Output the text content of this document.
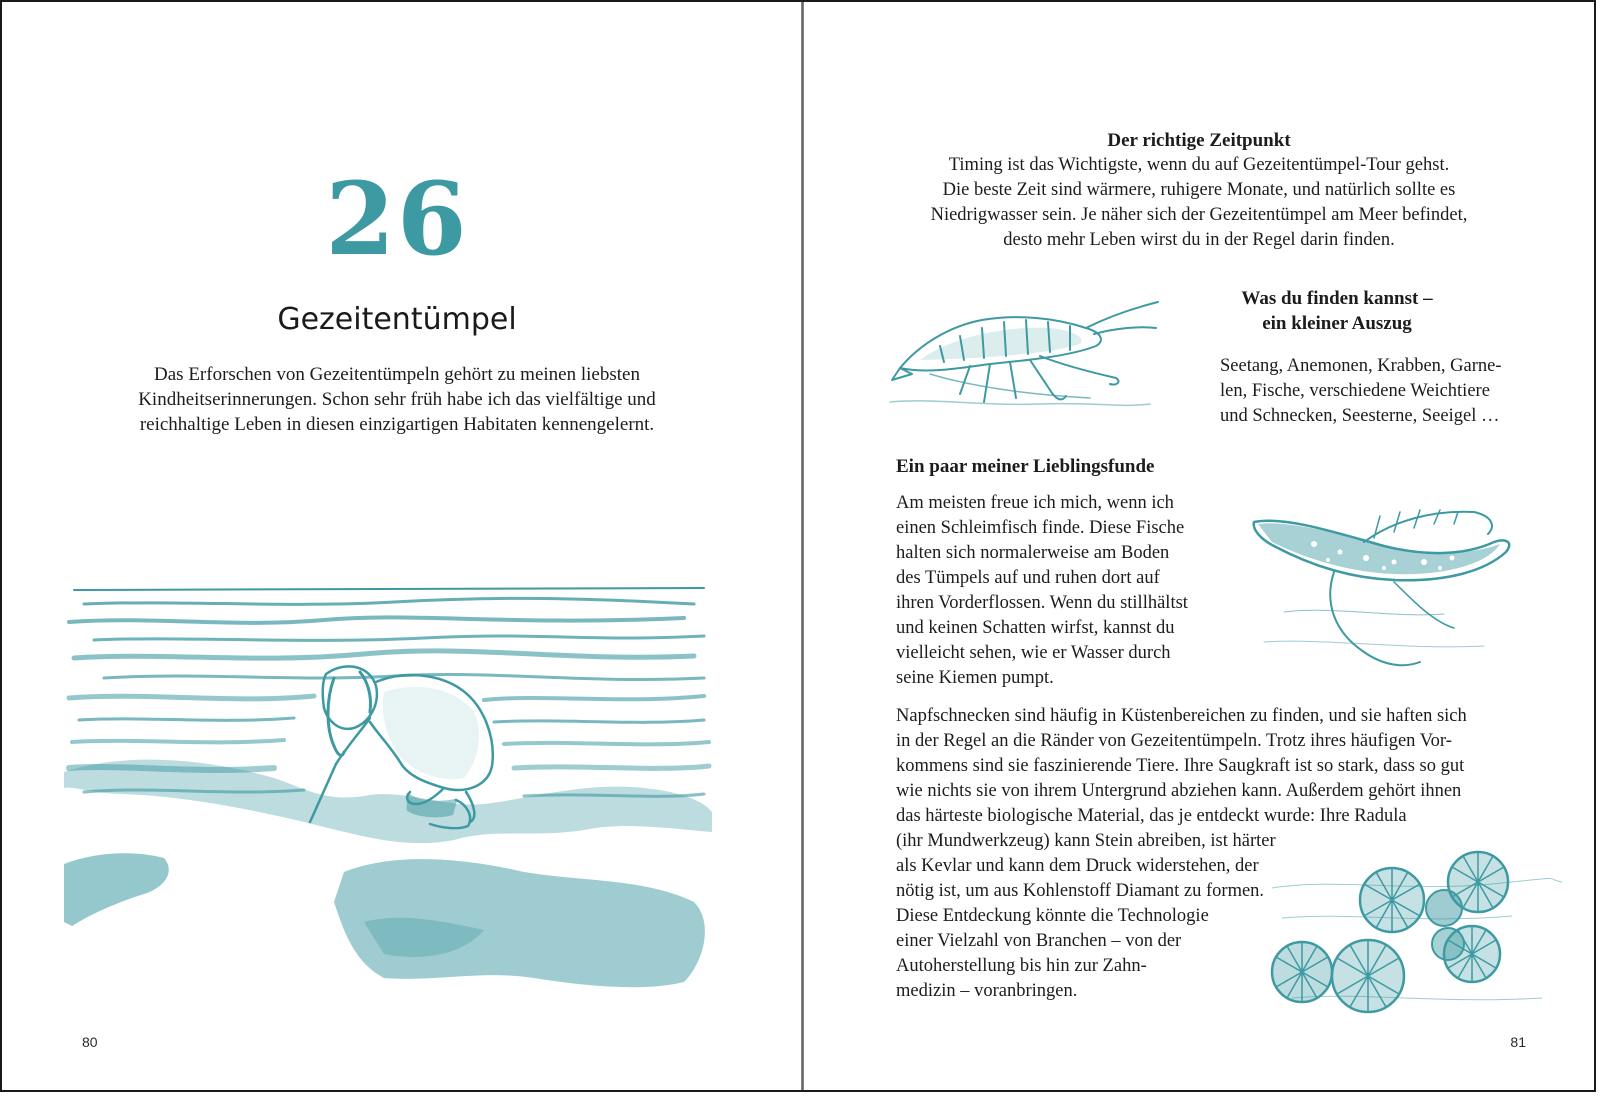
26
Gezeitentümpel
Das Erforschen von Gezeitentümpeln gehört zu meinen liebsten
Kindheitserinnerungen. Schon sehr früh habe ich das vielfältige und
reichhaltige Leben in diesen einzigartigen Habitaten kennengelernt.
80
Der richtige Zeitpunkt
Timing ist das Wichtigste, wenn du auf Gezeitentümpel-Tour gehst.
Die beste Zeit sind wärmere, ruhigere Monate, und natürlich sollte es
Niedrigwasser sein. Je näher sich der Gezeitentümpel am Meer befindet,
desto mehr Leben wirst du in der Regel darin finden.
Was du finden kannst –
ein kleiner Auszug
Seetang, Anemonen, Krabben, Garne-
len, Fische, verschiedene Weichtiere
und Schnecken, Seesterne, Seeigel …
Ein paar meiner Lieblingsfunde
Am meisten freue ich mich, wenn ich
einen Schleimfisch finde. Diese Fische
halten sich normalerweise am Boden
des Tümpels auf und ruhen dort auf
ihren Vorderflossen. Wenn du stillhältst
und keinen Schatten wirfst, kannst du
vielleicht sehen, wie er Wasser durch
seine Kiemen pumpt.
Napfschnecken sind häufig in Küstenbereichen zu finden, und sie haften sich
in der Regel an die Ränder von Gezeitentümpeln. Trotz ihres häufigen Vor-
kommens sind sie faszinierende Tiere. Ihre Saugkraft ist so stark, dass so gut
wie nichts sie von ihrem Untergrund abziehen kann. Außerdem gehört ihnen
das härteste biologische Material, das je entdeckt wurde: Ihre Radula
(ihr Mundwerkzeug) kann Stein abreiben, ist härter
als Kevlar und kann dem Druck widerstehen, der
nötig ist, um aus Kohlenstoff Diamant zu formen.
Diese Entdeckung könnte die Technologie
einer Vielzahl von Branchen – von der
Autoherstellung bis hin zur Zahn-
medizin – voranbringen.
81
